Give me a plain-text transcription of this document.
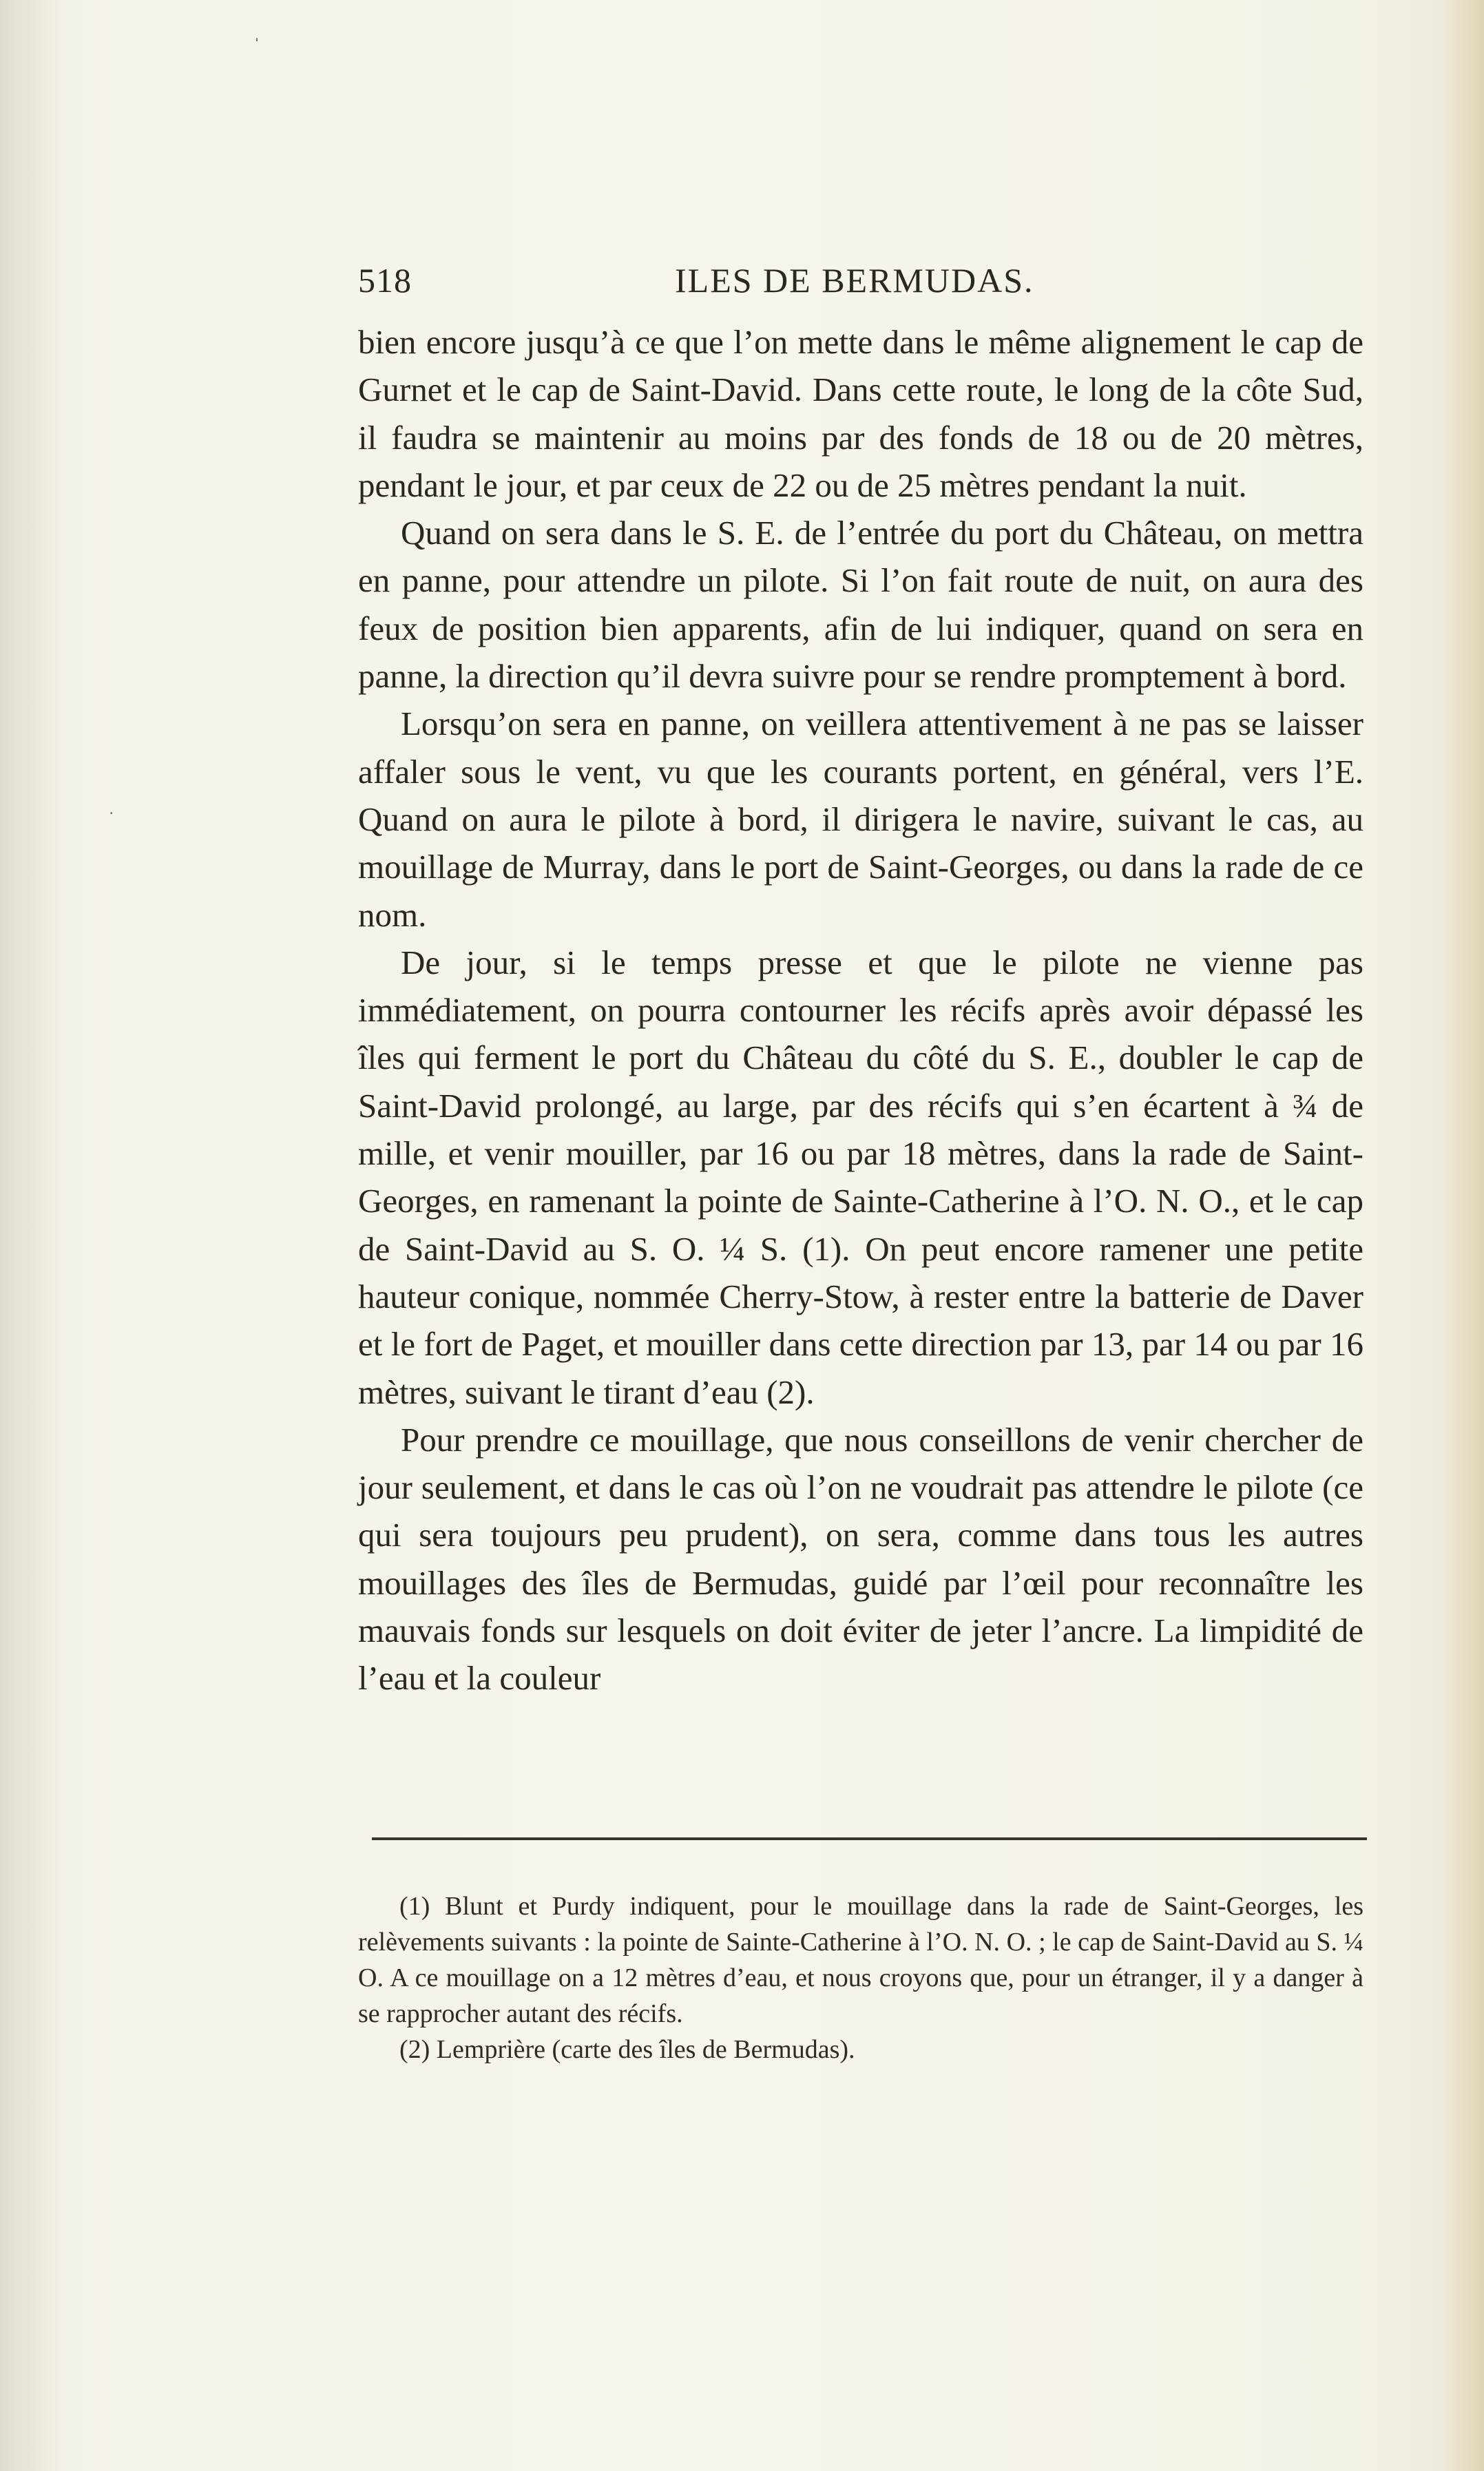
ˈ
·
518	ILES DE BERMUDAS.

bien encore jusqu’à ce que l’on mette dans le même alignement le cap de Gurnet et le cap de Saint-David. Dans cette route, le long de la côte Sud, il faudra se maintenir au moins par des fonds de 18 ou de 20 mètres, pendant le jour, et par ceux de 22 ou de 25 mètres pendant la nuit.

Quand on sera dans le S. E. de l’entrée du port du Château, on mettra en panne, pour attendre un pilote. Si l’on fait route de nuit, on aura des feux de position bien apparents, afin de lui indiquer, quand on sera en panne, la direction qu’il devra suivre pour se rendre promptement à bord.

Lorsqu’on sera en panne, on veillera attentivement à ne pas se laisser affaler sous le vent, vu que les courants portent, en général, vers l’E. Quand on aura le pilote à bord, il dirigera le navire, suivant le cas, au mouillage de Murray, dans le port de Saint-Georges, ou dans la rade de ce nom.

De jour, si le temps presse et que le pilote ne vienne pas immédiatement, on pourra contourner les récifs après avoir dépassé les îles qui ferment le port du Château du côté du S. E., doubler le cap de Saint-David prolongé, au large, par des récifs qui s’en écartent à ¾ de mille, et venir mouiller, par 16 ou par 18 mètres, dans la rade de Saint-Georges, en ramenant la pointe de Sainte-Catherine à l’O. N. O., et le cap de Saint-David au S. O. ¼ S. (1). On peut encore ramener une petite hauteur conique, nommée Cherry-Stow, à rester entre la batterie de Daver et le fort de Paget, et mouiller dans cette direction par 13, par 14 ou par 16 mètres, suivant le tirant d’eau (2).

Pour prendre ce mouillage, que nous conseillons de venir chercher de jour seulement, et dans le cas où l’on ne voudrait pas attendre le pilote (ce qui sera toujours peu prudent), on sera, comme dans tous les autres mouillages des îles de Bermudas, guidé par l’œil pour reconnaître les mauvais fonds sur lesquels on doit éviter de jeter l’ancre. La limpidité de l’eau et la couleur

(1) Blunt et Purdy indiquent, pour le mouillage dans la rade de Saint-Georges, les relèvements suivants : la pointe de Sainte-Catherine à l’O. N. O. ; le cap de Saint-David au S. ¼ O. A ce mouillage on a 12 mètres d’eau, et nous croyons que, pour un étranger, il y a danger à se rapprocher autant des récifs.

(2) Lemprière (carte des îles de Bermudas).
